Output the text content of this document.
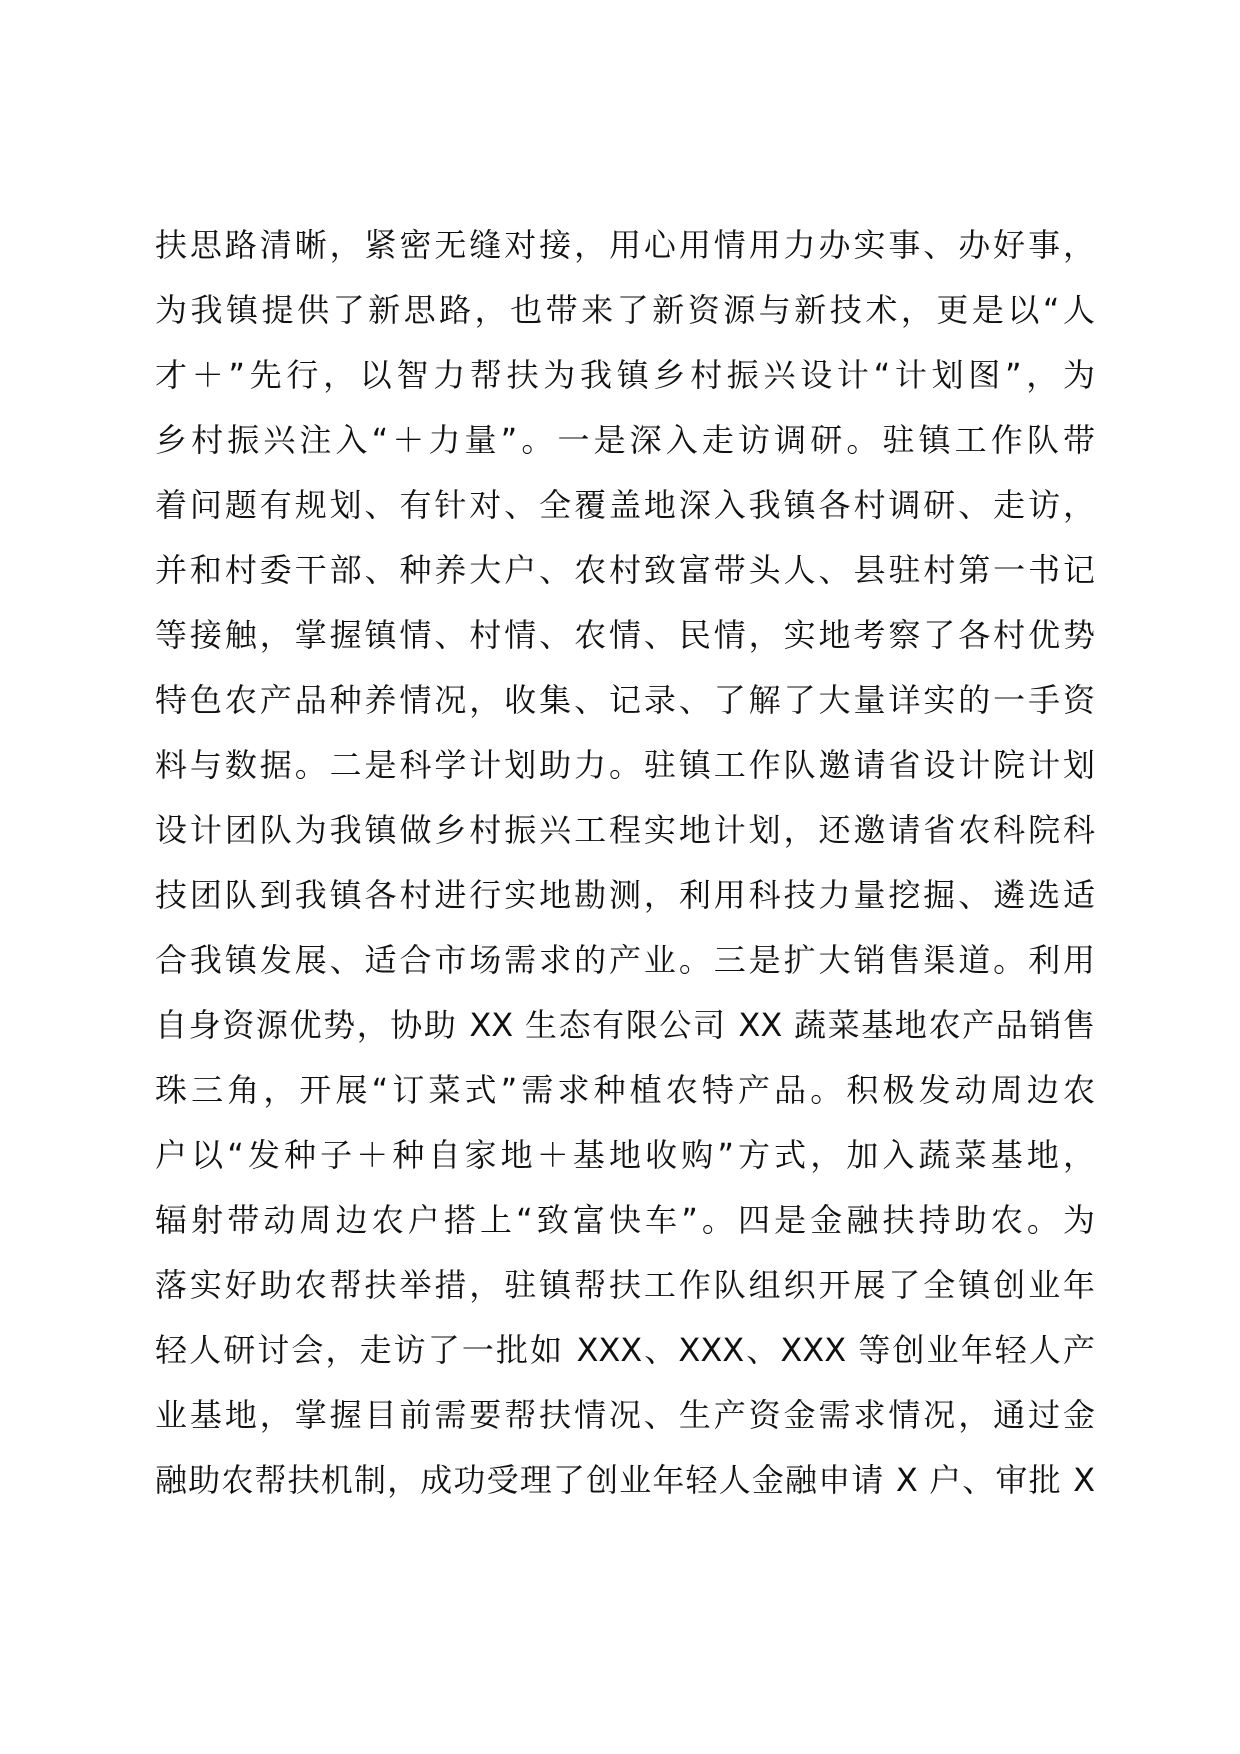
扶思路清晰，紧密无缝对接，用心用情用力办实事、办好事，
为我镇提供了新思路，也带来了新资源与新技术，更是以“人
才＋”先行，以智力帮扶为我镇乡村振兴设计“计划图”，为
乡村振兴注入“＋力量”。一是深入走访调研。驻镇工作队带
着问题有规划、有针对、全覆盖地深入我镇各村调研、走访，
并和村委干部、种养大户、农村致富带头人、县驻村第一书记
等接触，掌握镇情、村情、农情、民情，实地考察了各村优势
特色农产品种养情况，收集、记录、了解了大量详实的一手资
料与数据。二是科学计划助力。驻镇工作队邀请省设计院计划
设计团队为我镇做乡村振兴工程实地计划，还邀请省农科院科
技团队到我镇各村进行实地勘测，利用科技力量挖掘、遴选适
合我镇发展、适合市场需求的产业。三是扩大销售渠道。利用
自身资源优势，协助 XX 生态有限公司 XX 蔬菜基地农产品销售
珠三角，开展“订菜式”需求种植农特产品。积极发动周边农
户以“发种子＋种自家地＋基地收购”方式，加入蔬菜基地，
辐射带动周边农户搭上“致富快车”。四是金融扶持助农。为
落实好助农帮扶举措，驻镇帮扶工作队组织开展了全镇创业年
轻人研讨会，走访了一批如 XXX、XXX、XXX 等创业年轻人产
业基地，掌握目前需要帮扶情况、生产资金需求情况，通过金
融助农帮扶机制，成功受理了创业年轻人金融申请 X 户、审批 X
